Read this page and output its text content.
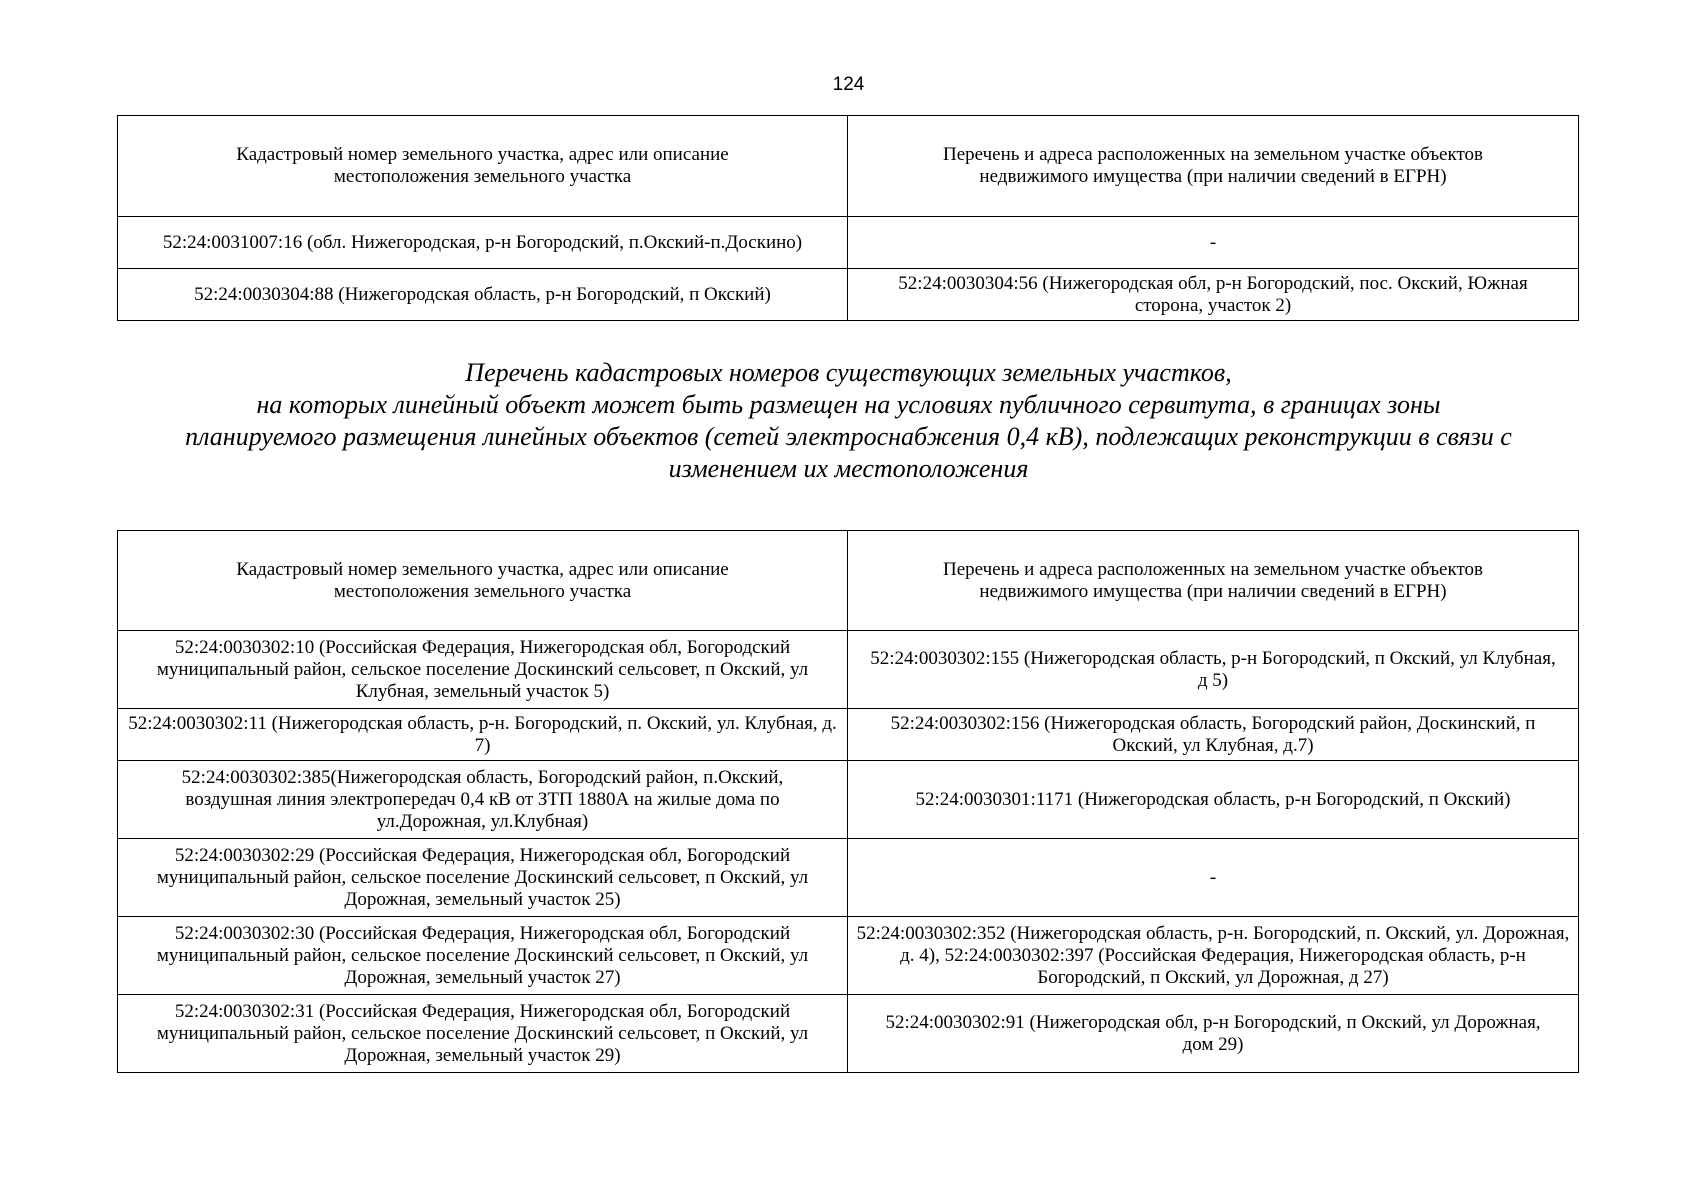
124
Кадастровый номер земельного участка, адрес или описание местоположения земельного участка	Перечень и адреса расположенных на земельном участке объектов недвижимого имущества (при наличии сведений в ЕГРН)
52:24:0031007:16 (обл. Нижегородская, р-н Богородский, п.Окский-п.Доскино)	-
52:24:0030304:88 (Нижегородская область, р-н Богородский, п Окский)	52:24:0030304:56 (Нижегородская обл, р-н Богородский, пос. Окский, Южная сторона, участок 2)
Перечень кадастровых номеров существующих земельных участков,
на которых линейный объект может быть размещен на условиях публичного сервитута, в границах зоны
планируемого размещения линейных объектов (сетей электроснабжения 0,4 кВ), подлежащих реконструкции в связи с
изменением их местоположения
Кадастровый номер земельного участка, адрес или описание местоположения земельного участка	Перечень и адреса расположенных на земельном участке объектов недвижимого имущества (при наличии сведений в ЕГРН)
52:24:0030302:10 (Российская Федерация, Нижегородская обл, Богородский муниципальный район, сельское поселение Доскинский сельсовет, п Окский, ул Клубная, земельный участок 5)	52:24:0030302:155 (Нижегородская область, р-н Богородский, п Окский, ул Клубная, д 5)
52:24:0030302:11 (Нижегородская область, р-н. Богородский, п. Окский, ул. Клубная, д. 7)	52:24:0030302:156 (Нижегородская область, Богородский район, Доскинский, п Окский, ул Клубная, д.7)
52:24:0030302:385(Нижегородская область, Богородский район, п.Окский, воздушная линия электропередач 0,4 кВ от ЗТП 1880А на жилые дома по ул.Дорожная, ул.Клубная)	52:24:0030301:1171 (Нижегородская область, р-н Богородский, п Окский)
52:24:0030302:29 (Российская Федерация, Нижегородская обл, Богородский муниципальный район, сельское поселение Доскинский сельсовет, п Окский, ул Дорожная, земельный участок 25)	-
52:24:0030302:30 (Российская Федерация, Нижегородская обл, Богородский муниципальный район, сельское поселение Доскинский сельсовет, п Окский, ул Дорожная, земельный участок 27)	52:24:0030302:352 (Нижегородская область, р-н. Богородский, п. Окский, ул. Дорожная, д. 4), 52:24:0030302:397 (Российская Федерация, Нижегородская область, р-н Богородский, п Окский, ул Дорожная, д 27)
52:24:0030302:31 (Российская Федерация, Нижегородская обл, Богородский муниципальный район, сельское поселение Доскинский сельсовет, п Окский, ул Дорожная, земельный участок 29)	52:24:0030302:91 (Нижегородская обл, р-н Богородский, п Окский, ул Дорожная, дом 29)
